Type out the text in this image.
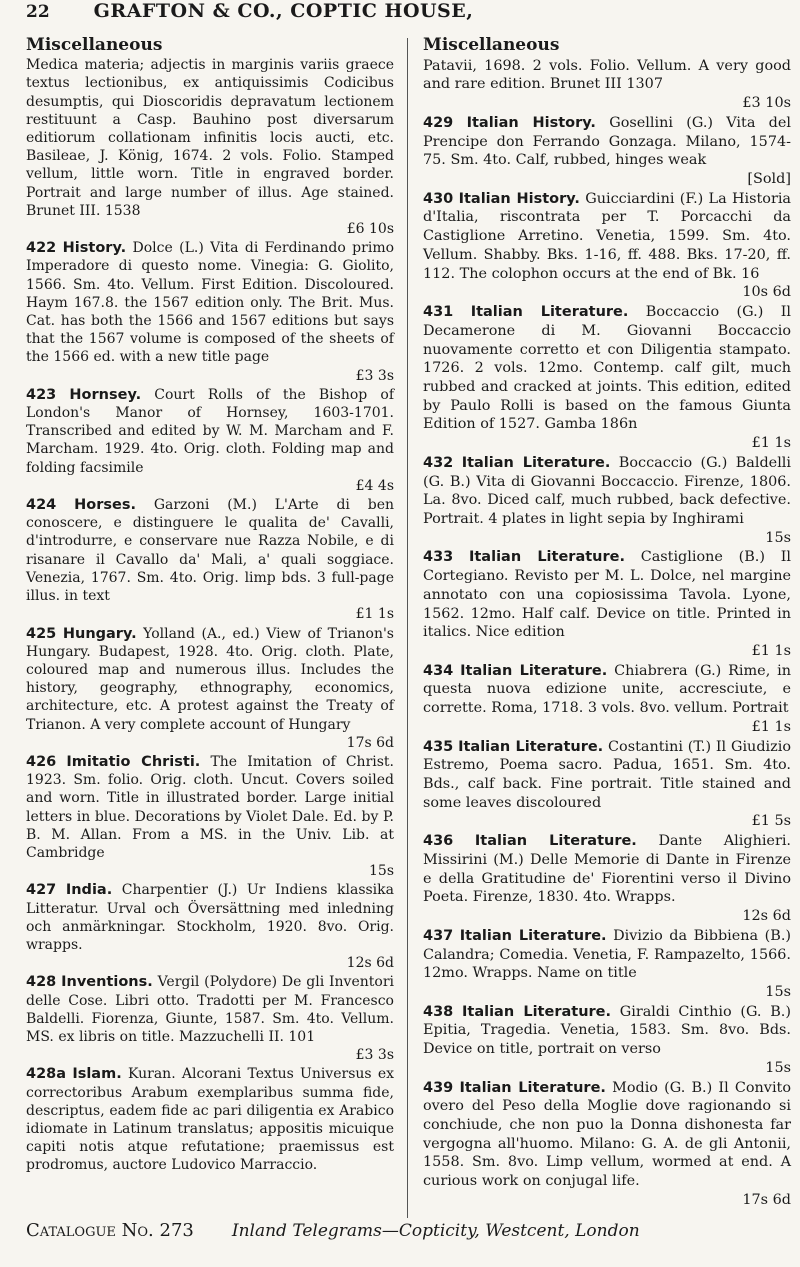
22 GRAFTON & CO., COPTIC HOUSE,
Miscellaneous

Medica materia; adjectis in marginis variis graece textus lectionibus, ex antiquissimis Codicibus desumptis, qui Dioscoridis depravatum lectionem restituunt a Casp. Bauhino post diversarum editiorum collationam infinitis locis aucti, etc. Basileae, J. König, 1674. 2 vols. Folio. Stamped vellum, little worn. Title in engraved border. Portrait and large number of illus. Age stained. Brunet III. 1538

£6 10s

422 History. Dolce (L.) Vita di Ferdinando primo Imperadore di questo nome. Vinegia: G. Giolito, 1566. Sm. 4to. Vellum. First Edition. Discoloured. Haym 167.8. the 1567 edition only. The Brit. Mus. Cat. has both the 1566 and 1567 editions but says that the 1567 volume is composed of the sheets of the 1566 ed. with a new title page

£3 3s

423 Hornsey. Court Rolls of the Bishop of London's Manor of Hornsey, 1603-1701. Transcribed and edited by W. M. Marcham and F. Marcham. 1929. 4to. Orig. cloth. Folding map and folding facsimile

£4 4s

424 Horses. Garzoni (M.) L'Arte di ben conoscere, e distinguere le qualita de' Cavalli, d'introdurre, e conservare nue Razza Nobile, e di risanare il Cavallo da' Mali, a' quali soggiace. Venezia, 1767. Sm. 4to. Orig. limp bds. 3 full-page illus. in text

£1 1s

425 Hungary. Yolland (A., ed.) View of Trianon's Hungary. Budapest, 1928. 4to. Orig. cloth. Plate, coloured map and numerous illus. Includes the history, geography, ethnography, economics, architecture, etc. A protest against the Treaty of Trianon. A very complete account of Hungary

17s 6d

426 Imitatio Christi. The Imitation of Christ. 1923. Sm. folio. Orig. cloth. Uncut. Covers soiled and worn. Title in illustrated border. Large initial letters in blue. Decorations by Violet Dale. Ed. by P. B. M. Allan. From a MS. in the Univ. Lib. at Cambridge

15s

427 India. Charpentier (J.) Ur Indiens klassika Litteratur. Urval och Översättning med inledning och anmärkningar. Stockholm, 1920. 8vo. Orig. wrapps.

12s 6d

428 Inventions. Vergil (Polydore) De gli Inventori delle Cose. Libri otto. Tradotti per M. Francesco Baldelli. Fiorenza, Giunte, 1587. Sm. 4to. Vellum. MS. ex libris on title. Mazzuchelli II. 101

£3 3s

428a Islam. Kuran. Alcorani Textus Universus ex correctoribus Arabum exemplaribus summa fide, descriptus, eadem fide ac pari diligentia ex Arabico idiomate in Latinum translatus; appositis micuique capiti notis atque refutatione; praemissus est prodromus, auctore Ludovico Marraccio.

Miscellaneous

Patavii, 1698. 2 vols. Folio. Vellum. A very good and rare edition. Brunet III 1307

£3 10s

429 Italian History. Gosellini (G.) Vita del Prencipe don Ferrando Gonzaga. Milano, 1574-75. Sm. 4to. Calf, rubbed, hinges weak

[Sold]

430 Italian History. Guicciardini (F.) La Historia d'Italia, riscontrata per T. Porcacchi da Castiglione Arretino. Venetia, 1599. Sm. 4to. Vellum. Shabby. Bks. 1-16, ff. 488. Bks. 17-20, ff. 112. The colophon occurs at the end of Bk. 16

10s 6d

431 Italian Literature. Boccaccio (G.) Il Decamerone di M. Giovanni Boccaccio nuovamente corretto et con Diligentia stampato. 1726. 2 vols. 12mo. Contemp. calf gilt, much rubbed and cracked at joints. This edition, edited by Paulo Rolli is based on the famous Giunta Edition of 1527. Gamba 186n

£1 1s

432 Italian Literature. Boccaccio (G.) Baldelli (G. B.) Vita di Giovanni Boccaccio. Firenze, 1806. La. 8vo. Diced calf, much rubbed, back defective. Portrait. 4 plates in light sepia by Inghirami

15s

433 Italian Literature. Castiglione (B.) Il Cortegiano. Revisto per M. L. Dolce, nel margine annotato con una copiosissima Tavola. Lyone, 1562. 12mo. Half calf. Device on title. Printed in italics. Nice edition

£1 1s

434 Italian Literature. Chiabrera (G.) Rime, in questa nuova edizione unite, accresciute, e corrette. Roma, 1718. 3 vols. 8vo. vellum. Portrait

£1 1s

435 Italian Literature. Costantini (T.) Il Giudizio Estremo, Poema sacro. Padua, 1651. Sm. 4to. Bds., calf back. Fine portrait. Title stained and some leaves discoloured

£1 5s

436 Italian Literature. Dante Alighieri. Missirini (M.) Delle Memorie di Dante in Firenze e della Gratitudine de' Fiorentini verso il Divino Poeta. Firenze, 1830. 4to. Wrapps.

12s 6d

437 Italian Literature. Divizio da Bibbiena (B.) Calandra; Comedia. Venetia, F. Rampazelto, 1566. 12mo. Wrapps. Name on title

15s

438 Italian Literature. Giraldi Cinthio (G. B.) Epitia, Tragedia. Venetia, 1583. Sm. 8vo. Bds. Device on title, portrait on verso

15s

439 Italian Literature. Modio (G. B.) Il Convito overo del Peso della Moglie dove ragionando si conchiude, che non puo la Donna dishonesta far vergogna all'huomo. Milano: G. A. de gli Antonii, 1558. Sm. 8vo. Limp vellum, wormed at end. A curious work on conjugal life.

17s 6d
Catalogue No. 273 Inland Telegrams—Copticity, Westcent, London
